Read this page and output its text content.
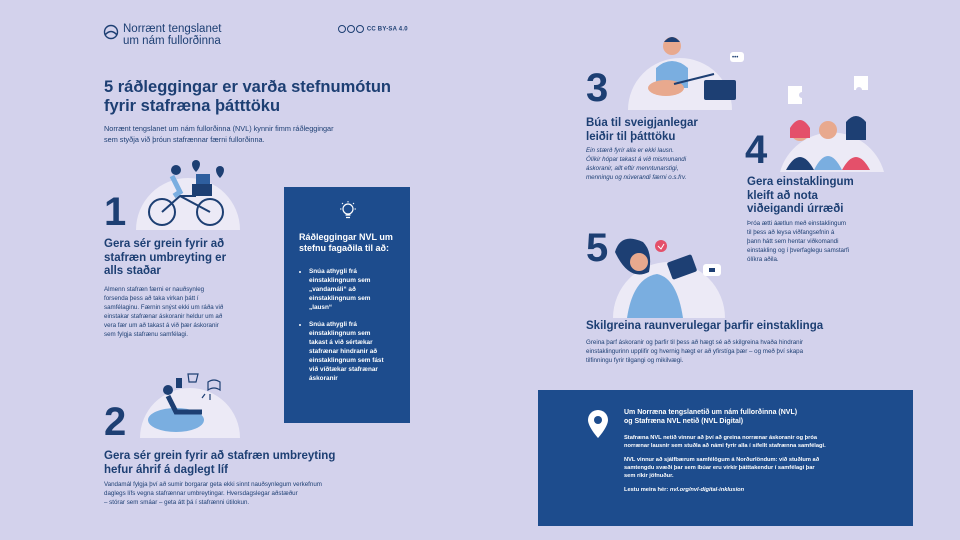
Norrænt tengslanet
um nám fullorðinna
CC BY-SA 4.0
5 ráðleggingar er varða stefnumótun
fyrir stafræna þátttöku
Norrænt tengslanet um nám fullorðinna (NVL) kynnir fimm ráðleggingar
sem styðja við þróun stafrænnar færni fullorðinna.
1
Gera sér grein fyrir að
stafræn umbreyting er
alls staðar
Almenn stafræn færni er nauðsynleg
forsenda þess að taka virkan þátt í
samfélaginu. Færnin snýst ekki um ráða við
einstakar stafrænar áskoranir heldur um að
vera fær um að takast á við þær áskoranir
sem fylgja stafrænu samfélagi.
Ráðleggingar NVL um
stefnu fagaðila til að:
• Snúa athygli frá
einstaklingnum sem
„vandamáli“ að
einstaklingnum sem
„lausn“
• Snúa athygli frá
einstaklingnum sem
takast á við sértækar
stafrænar hindranir að
einstaklingnum sem fást
við víðtækar stafrænar
áskoranir
2
Gera sér grein fyrir að stafræn umbreyting
hefur áhrif á daglegt líf
Vandamál fylgja því að sumir borgarar geta ekki sinnt nauðsynlegum verkefnum
daglegs lífs vegna stafrænnar umbreytingar. Hversdagslegar aðstæður
– stórar sem smáar – geta átt þá í stafrænni útilokun.
•••
3
Búa til sveigjanlegar
leiðir til þátttöku
Ein stærð fyrir alla er ekki lausn.
Ólíkir hópar takast á við mismunandi
áskoranir, allt eftir menntunarstigi,
menningu og núverandi færni o.s.frv.
4
Gera einstaklingum
kleift að nota
viðeigandi úrræði
Þróa ætti áætlun með einstaklingum
til þess að leysa viðfangsefnin á
þann hátt sem hentar viðkomandi
einstakling og í þverfaglegu samstarfi
ólíkra aðila.
5
Skilgreina raunverulegar þarfir einstaklinga
Greina þarf áskoranir og þarfir til þess að hægt sé að skilgreina hvaða hindranir
einstaklingurinn upplifir og hvernig hægt er að yfirstíga þær – og með því skapa
tilfinningu fyrir tilgangi og mikilvægi.
Um Norræna tengslanetið um nám fullorðinna (NVL)
og Stafræna NVL netið (NVL Digital)
Stafræna NVL netið vinnur að því að greina norrænar áskoranir og þróa
norrænar lausnir sem stuðla að námi fyrir alla í sífellt stafrænna samfélagi.
NVL vinnur að sjálfbærum samfélögum á Norðurlöndum: við stuðlum að
samtengdu svæði þar sem íbúar eru virkir þátttakendur í samfélagi þar
sem ríkir jöfnuður.
Lestu meira hér: nvl.org/nvl-digital-inklusion
